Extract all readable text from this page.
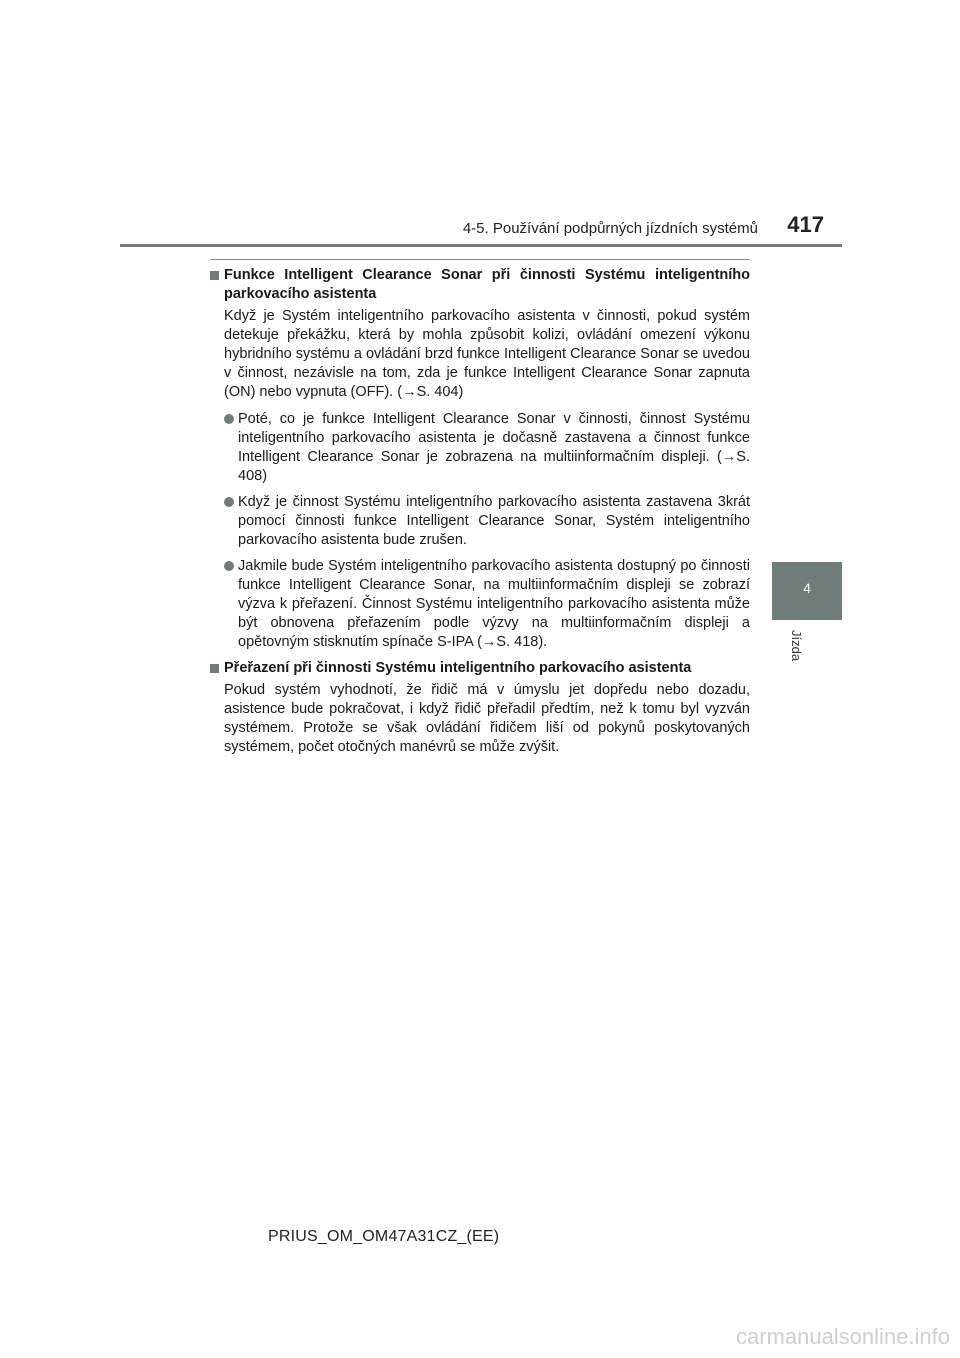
4-5. Používání podpůrných jízdních systémů 417
4
Jízda
Funkce Intelligent Clearance Sonar při činnosti Systému inteligentního parkovacího asistenta
Když je Systém inteligentního parkovacího asistenta v činnosti, pokud systém detekuje překážku, která by mohla způsobit kolizi, ovládání omezení výkonu hybridního systému a ovládání brzd funkce Intelligent Clearance Sonar se uvedou v činnost, nezávisle na tom, zda je funkce Intelligent Clearance Sonar zapnuta (ON) nebo vypnuta (OFF). (→S. 404)
Poté, co je funkce Intelligent Clearance Sonar v činnosti, činnost Systému inteligentního parkovacího asistenta je dočasně zastavena a činnost funkce Intelligent Clearance Sonar je zobrazena na multiinformačním displeji. (→S. 408)
Když je činnost Systému inteligentního parkovacího asistenta zastavena 3krát pomocí činnosti funkce Intelligent Clearance Sonar, Systém inteligentního parkovacího asistenta bude zrušen.
Jakmile bude Systém inteligentního parkovacího asistenta dostupný po činnosti funkce Intelligent Clearance Sonar, na multiinformačním displeji se zobrazí výzva k přeřazení. Činnost Systému inteligentního parkovacího asistenta může být obnovena přeřazením podle výzvy na multiinformačním displeji a opětovným stisknutím spínače S-IPA (→S. 418).
Přeřazení při činnosti Systému inteligentního parkovacího asistenta
Pokud systém vyhodnotí, že řidič má v úmyslu jet dopředu nebo dozadu, asistence bude pokračovat, i když řidič přeřadil předtím, než k tomu byl vyzván systémem. Protože se však ovládání řidičem liší od pokynů poskytovaných systémem, počet otočných manévrů se může zvýšit.
PRIUS_OM_OM47A31CZ_(EE)
carmanualsonline.info
